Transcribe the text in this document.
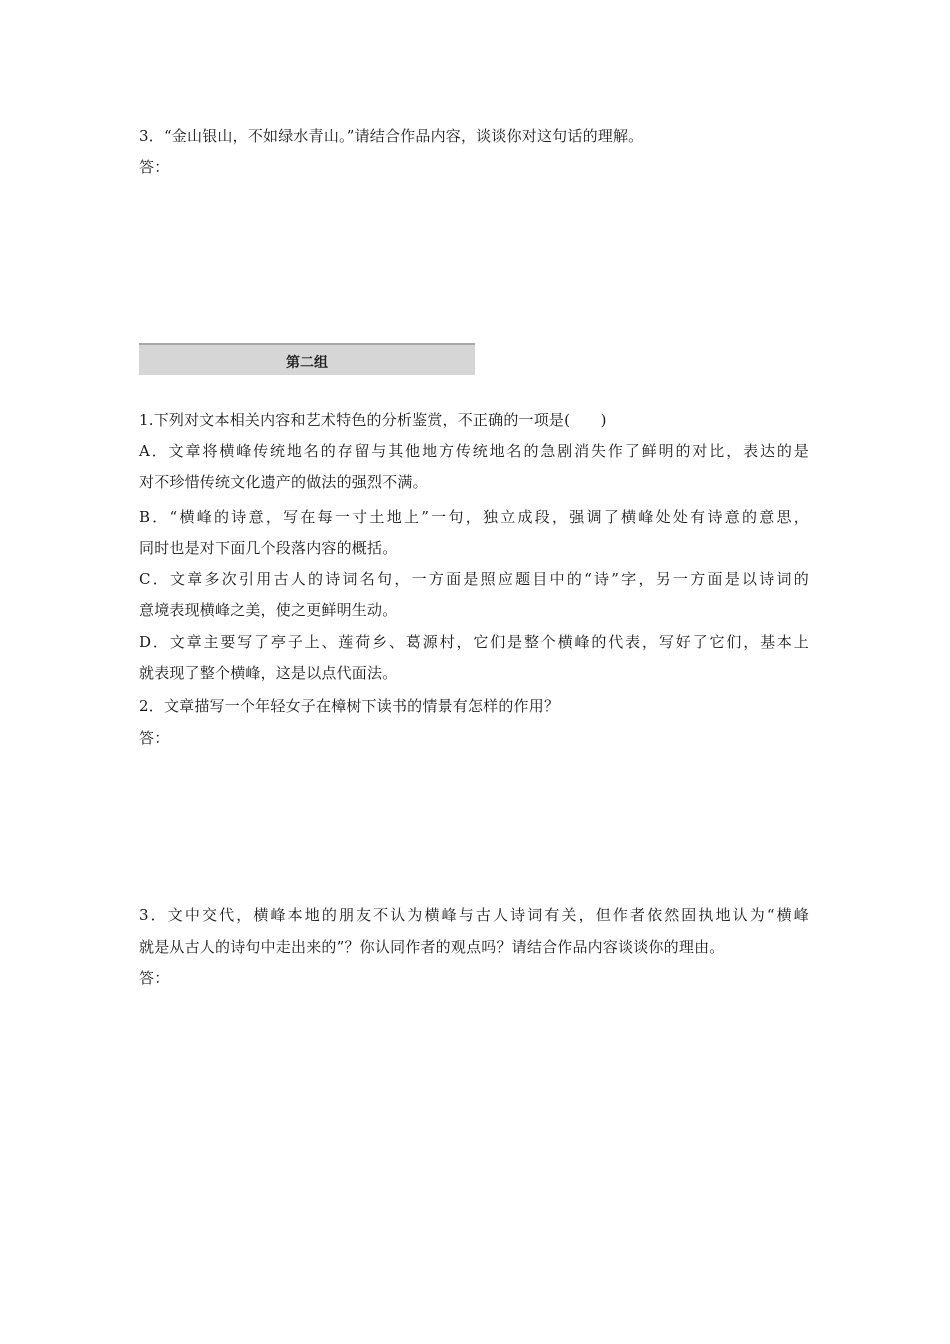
3．“金山银山，不如绿水青山。”请结合作品内容，谈谈你对这句话的理解。
答：
第二组
1.下列对文本相关内容和艺术特色的分析鉴赏，不正确的一项是(　　)
A．文章将横峰传统地名的存留与其他地方传统地名的急剧消失作了鲜明的对比，表达的是
对不珍惜传统文化遗产的做法的强烈不满。
B．“横峰的诗意，写在每一寸土地上”一句，独立成段，强调了横峰处处有诗意的意思，
同时也是对下面几个段落内容的概括。
C．文章多次引用古人的诗词名句，一方面是照应题目中的“诗”字，另一方面是以诗词的
意境表现横峰之美，使之更鲜明生动。
D．文章主要写了亭子上、莲荷乡、葛源村，它们是整个横峰的代表，写好了它们，基本上
就表现了整个横峰，这是以点代面法。
2．文章描写一个年轻女子在樟树下读书的情景有怎样的作用？
答：
3．文中交代，横峰本地的朋友不认为横峰与古人诗词有关，但作者依然固执地认为“横峰
就是从古人的诗句中走出来的”？你认同作者的观点吗？请结合作品内容谈谈你的理由。
答：
